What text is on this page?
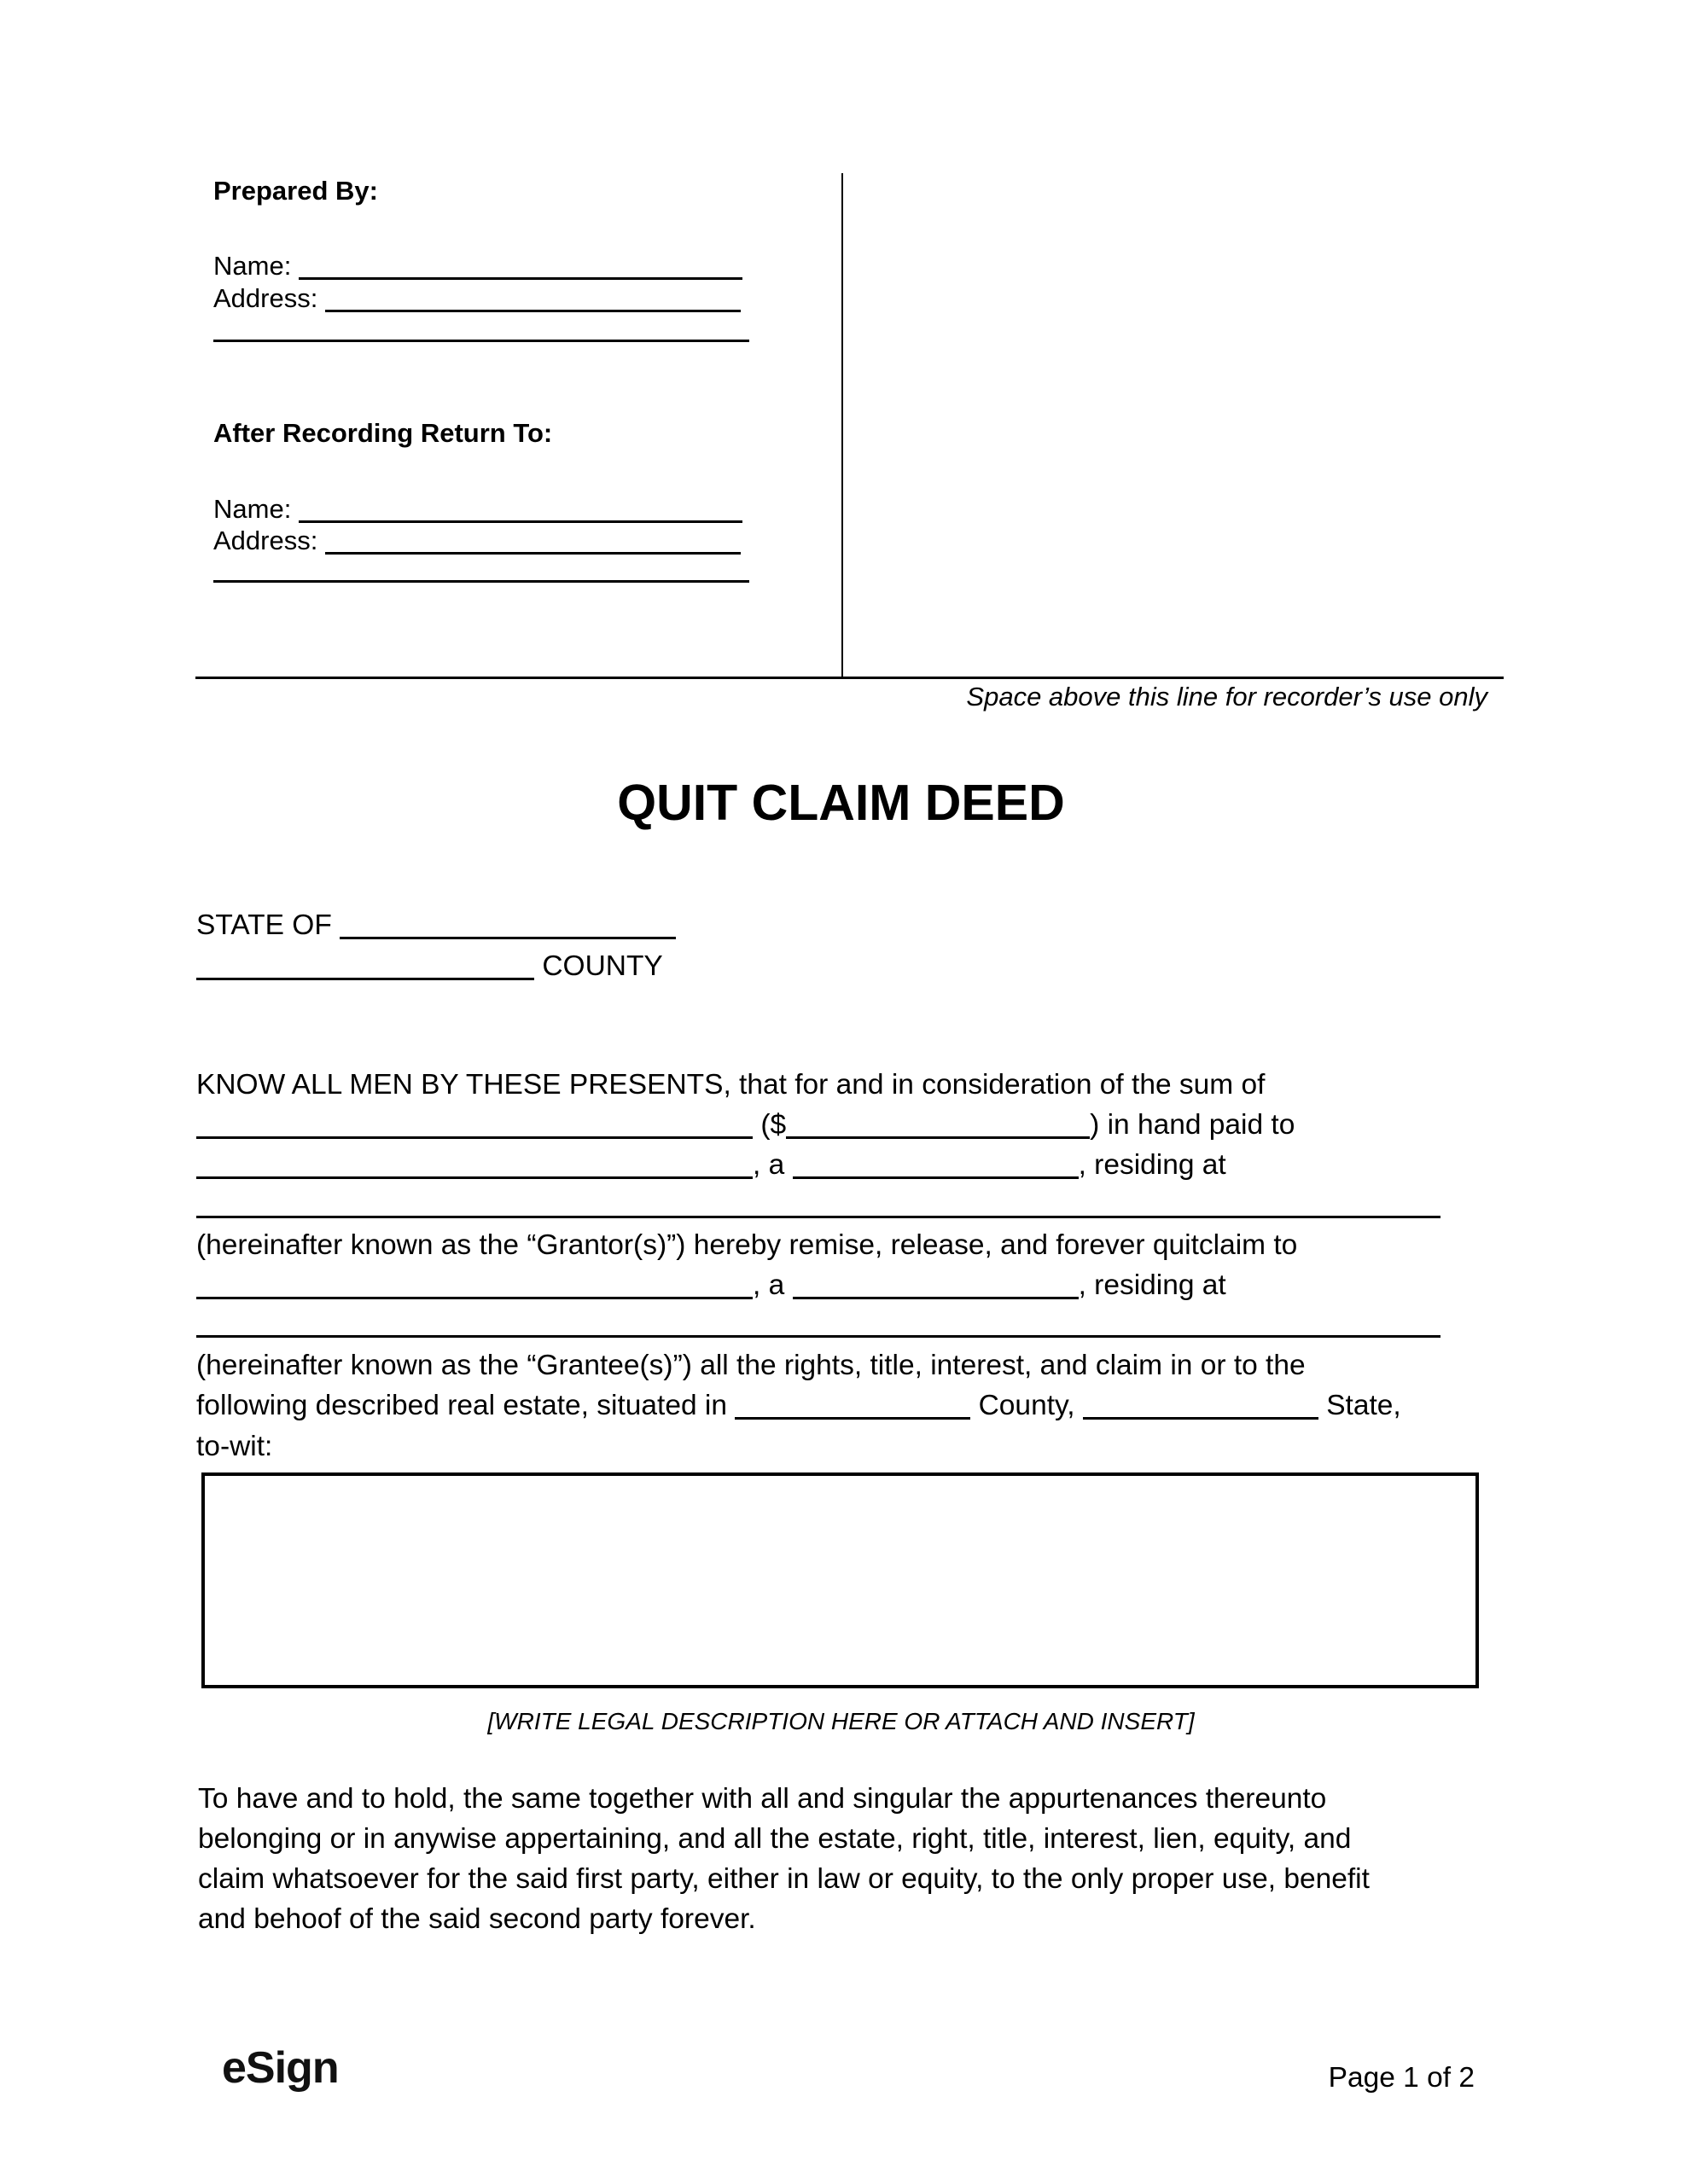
Space above this line for recorder’s use only
Prepared By:
Name:
Address:
After Recording Return To:
Name:
Address:
QUIT CLAIM DEED
STATE OF
COUNTY
KNOW ALL MEN BY THESE PRESENTS, that for and in consideration of the sum of
($	) in hand paid to
, a	, residing at
(hereinafter known as the “Grantor(s)”) hereby remise, release, and forever quitclaim to
, a	, residing at
(hereinafter known as the “Grantee(s)”) all the rights, title, interest, and claim in or to the
following described real estate, situated in	County,	State,
to-wit:
[WRITE LEGAL DESCRIPTION HERE OR ATTACH AND INSERT]
To have and to hold, the same together with all and singular the appurtenances thereunto
belonging or in anywise appertaining, and all the estate, right, title, interest, lien, equity, and
claim whatsoever for the said first party, either in law or equity, to the only proper use, benefit
and behoof of the said second party forever.
eSign	Page 1 of 2
